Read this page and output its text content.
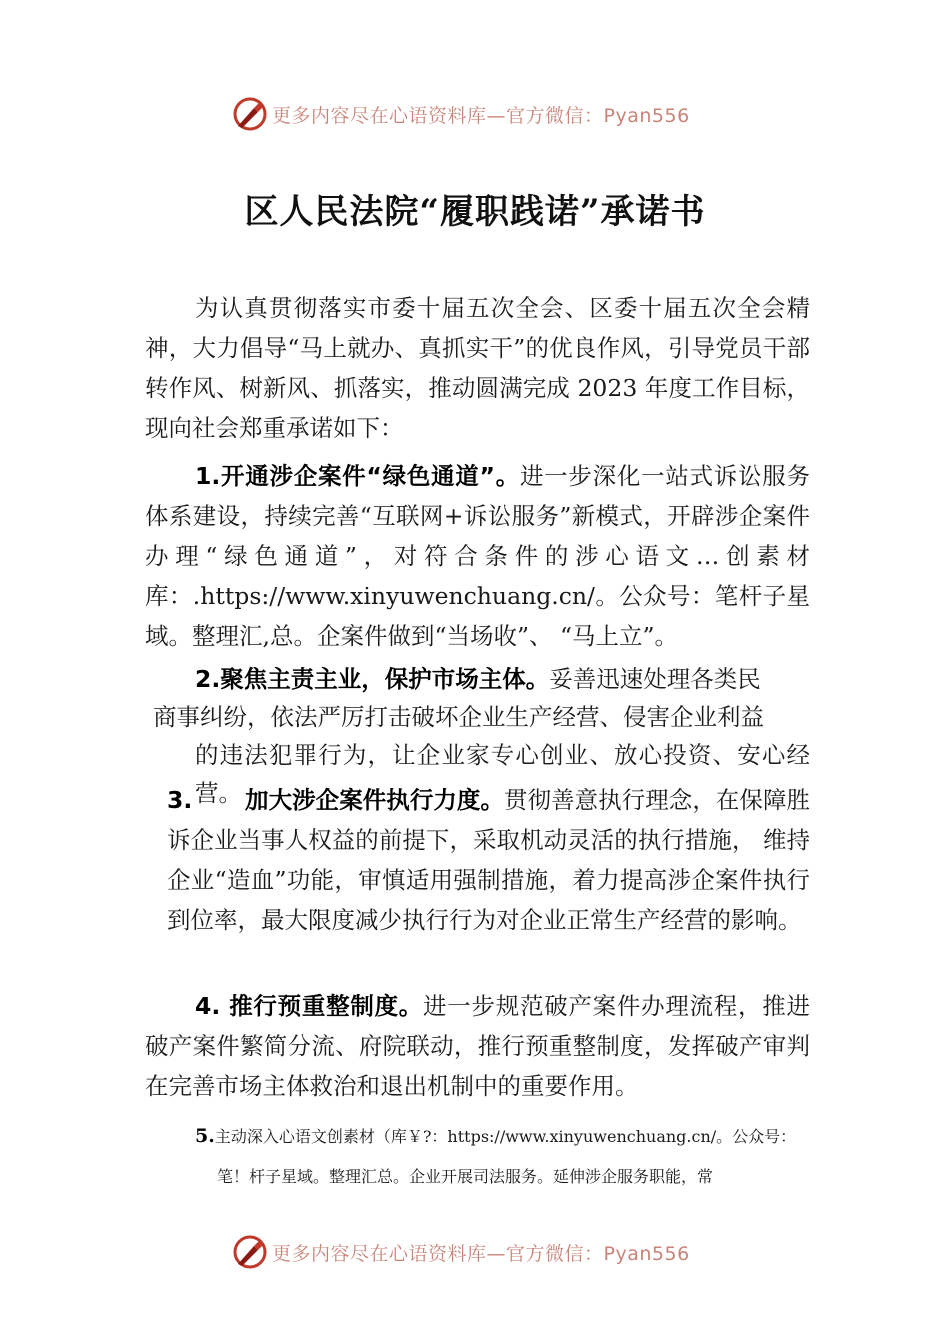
更多内容尽在心语资料库—官方微信：Pyan556
区人民法院“履职践诺”承诺书

为认真贯彻落实市委十届五次全会、区委十届五次全会精神，大力倡导“马上就办、真抓实干”的优良作风，引导党员干部转作风、树新风、抓落实，推动圆满完成 2023 年度工作目标，现向社会郑重承诺如下：

1.开通涉企案件“绿色通道”。进一步深化一站式诉讼服务体系建设，持续完善“互联网+诉讼服务”新模式，开辟涉企案件办理“绿色通道”，对符合条件的涉心语文…创素材库：.https://www.xinyuwenchuang.cn/。公众号：笔杆子星域。整理汇,总。企案件做到“当场收”、 “马上立”。

2.聚焦主责主业，保护市场主体。妥善迅速处理各类民

商事纠纷，依法严厉打击破坏企业生产经营、侵害企业利益

的违法犯罪行为，让企业家专心创业、放心投资、安心经营。

3. 加大涉企案件执行力度。贯彻善意执行理念，在保障胜诉企业当事人权益的前提下，采取机动灵活的执行措施， 维持企业“造血”功能，审慎适用强制措施，着力提高涉企案件执行到位率，最大限度减少执行行为对企业正常生产经营的影响。

4. 推行预重整制度。进一步规范破产案件办理流程，推进破产案件繁简分流、府院联动，推行预重整制度，发挥破产审判在完善市场主体救治和退出机制中的重要作用。

5.主动深入心语文创素材（库￥?：https://www.xinyuwenchuang.cn/。公众号：

笔！杆子星域。整理汇总。企业开展司法服务。延伸涉企服务职能，常

更多内容尽在心语资料库—官方微信：Pyan556
